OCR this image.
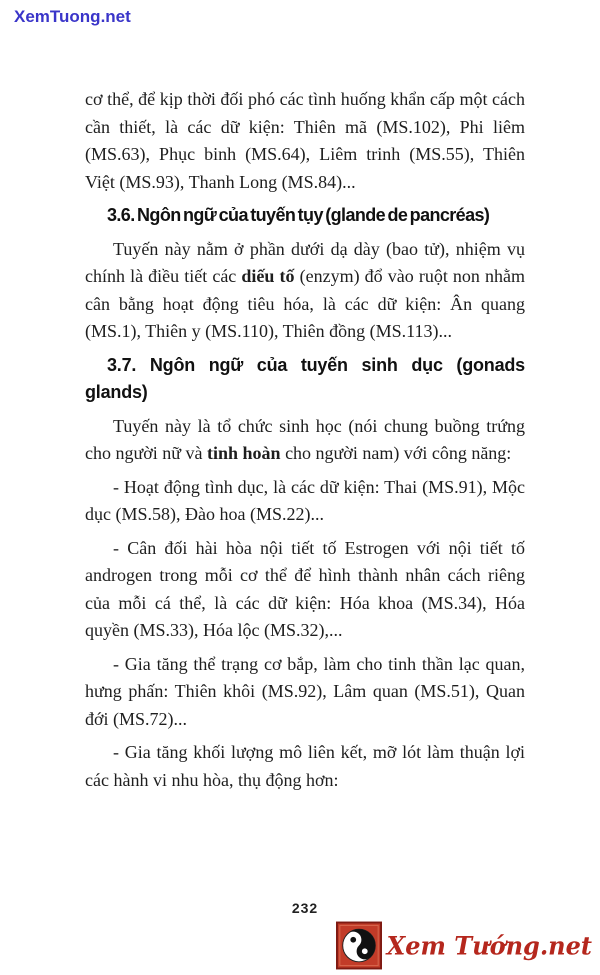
XemTuong.net

cơ thể, để kịp thời đối phó các tình huống khẩn cấp một cách cần thiết, là các dữ kiện: Thiên mã (MS.102), Phi liêm (MS.63), Phục binh (MS.64), Liêm trinh (MS.55), Thiên Việt (MS.93), Thanh Long (MS.84)...

3.6. Ngôn ngữ của tuyến tụy (glande de pancréas)

Tuyến này nằm ở phần dưới dạ dày (bao tử), nhiệm vụ chính là điều tiết các diếu tố (enzym) đổ vào ruột non nhằm cân bằng hoạt động tiêu hóa, là các dữ kiện: Ân quang (MS.1), Thiên y (MS.110), Thiên đồng (MS.113)...

3.7. Ngôn ngữ của tuyến sinh dục (gonads glands)

Tuyến này là tổ chức sinh học (nói chung buồng trứng cho người nữ và tinh hoàn cho người nam) với công năng:

- Hoạt động tình dục, là các dữ kiện: Thai (MS.91), Mộc dục (MS.58), Đào hoa (MS.22)...

- Cân đối hài hòa nội tiết tố Estrogen với nội tiết tố androgen trong mỗi cơ thể để hình thành nhân cách riêng của mỗi cá thể, là các dữ kiện: Hóa khoa (MS.34), Hóa quyền (MS.33), Hóa lộc (MS.32),...

- Gia tăng thể trạng cơ bắp, làm cho tinh thần lạc quan, hưng phấn: Thiên khôi (MS.92), Lâm quan (MS.51), Quan đới (MS.72)...

- Gia tăng khối lượng mô liên kết, mỡ lót làm thuận lợi các hành vi nhu hòa, thụ động hơn:

232
Xem Tướng.net
